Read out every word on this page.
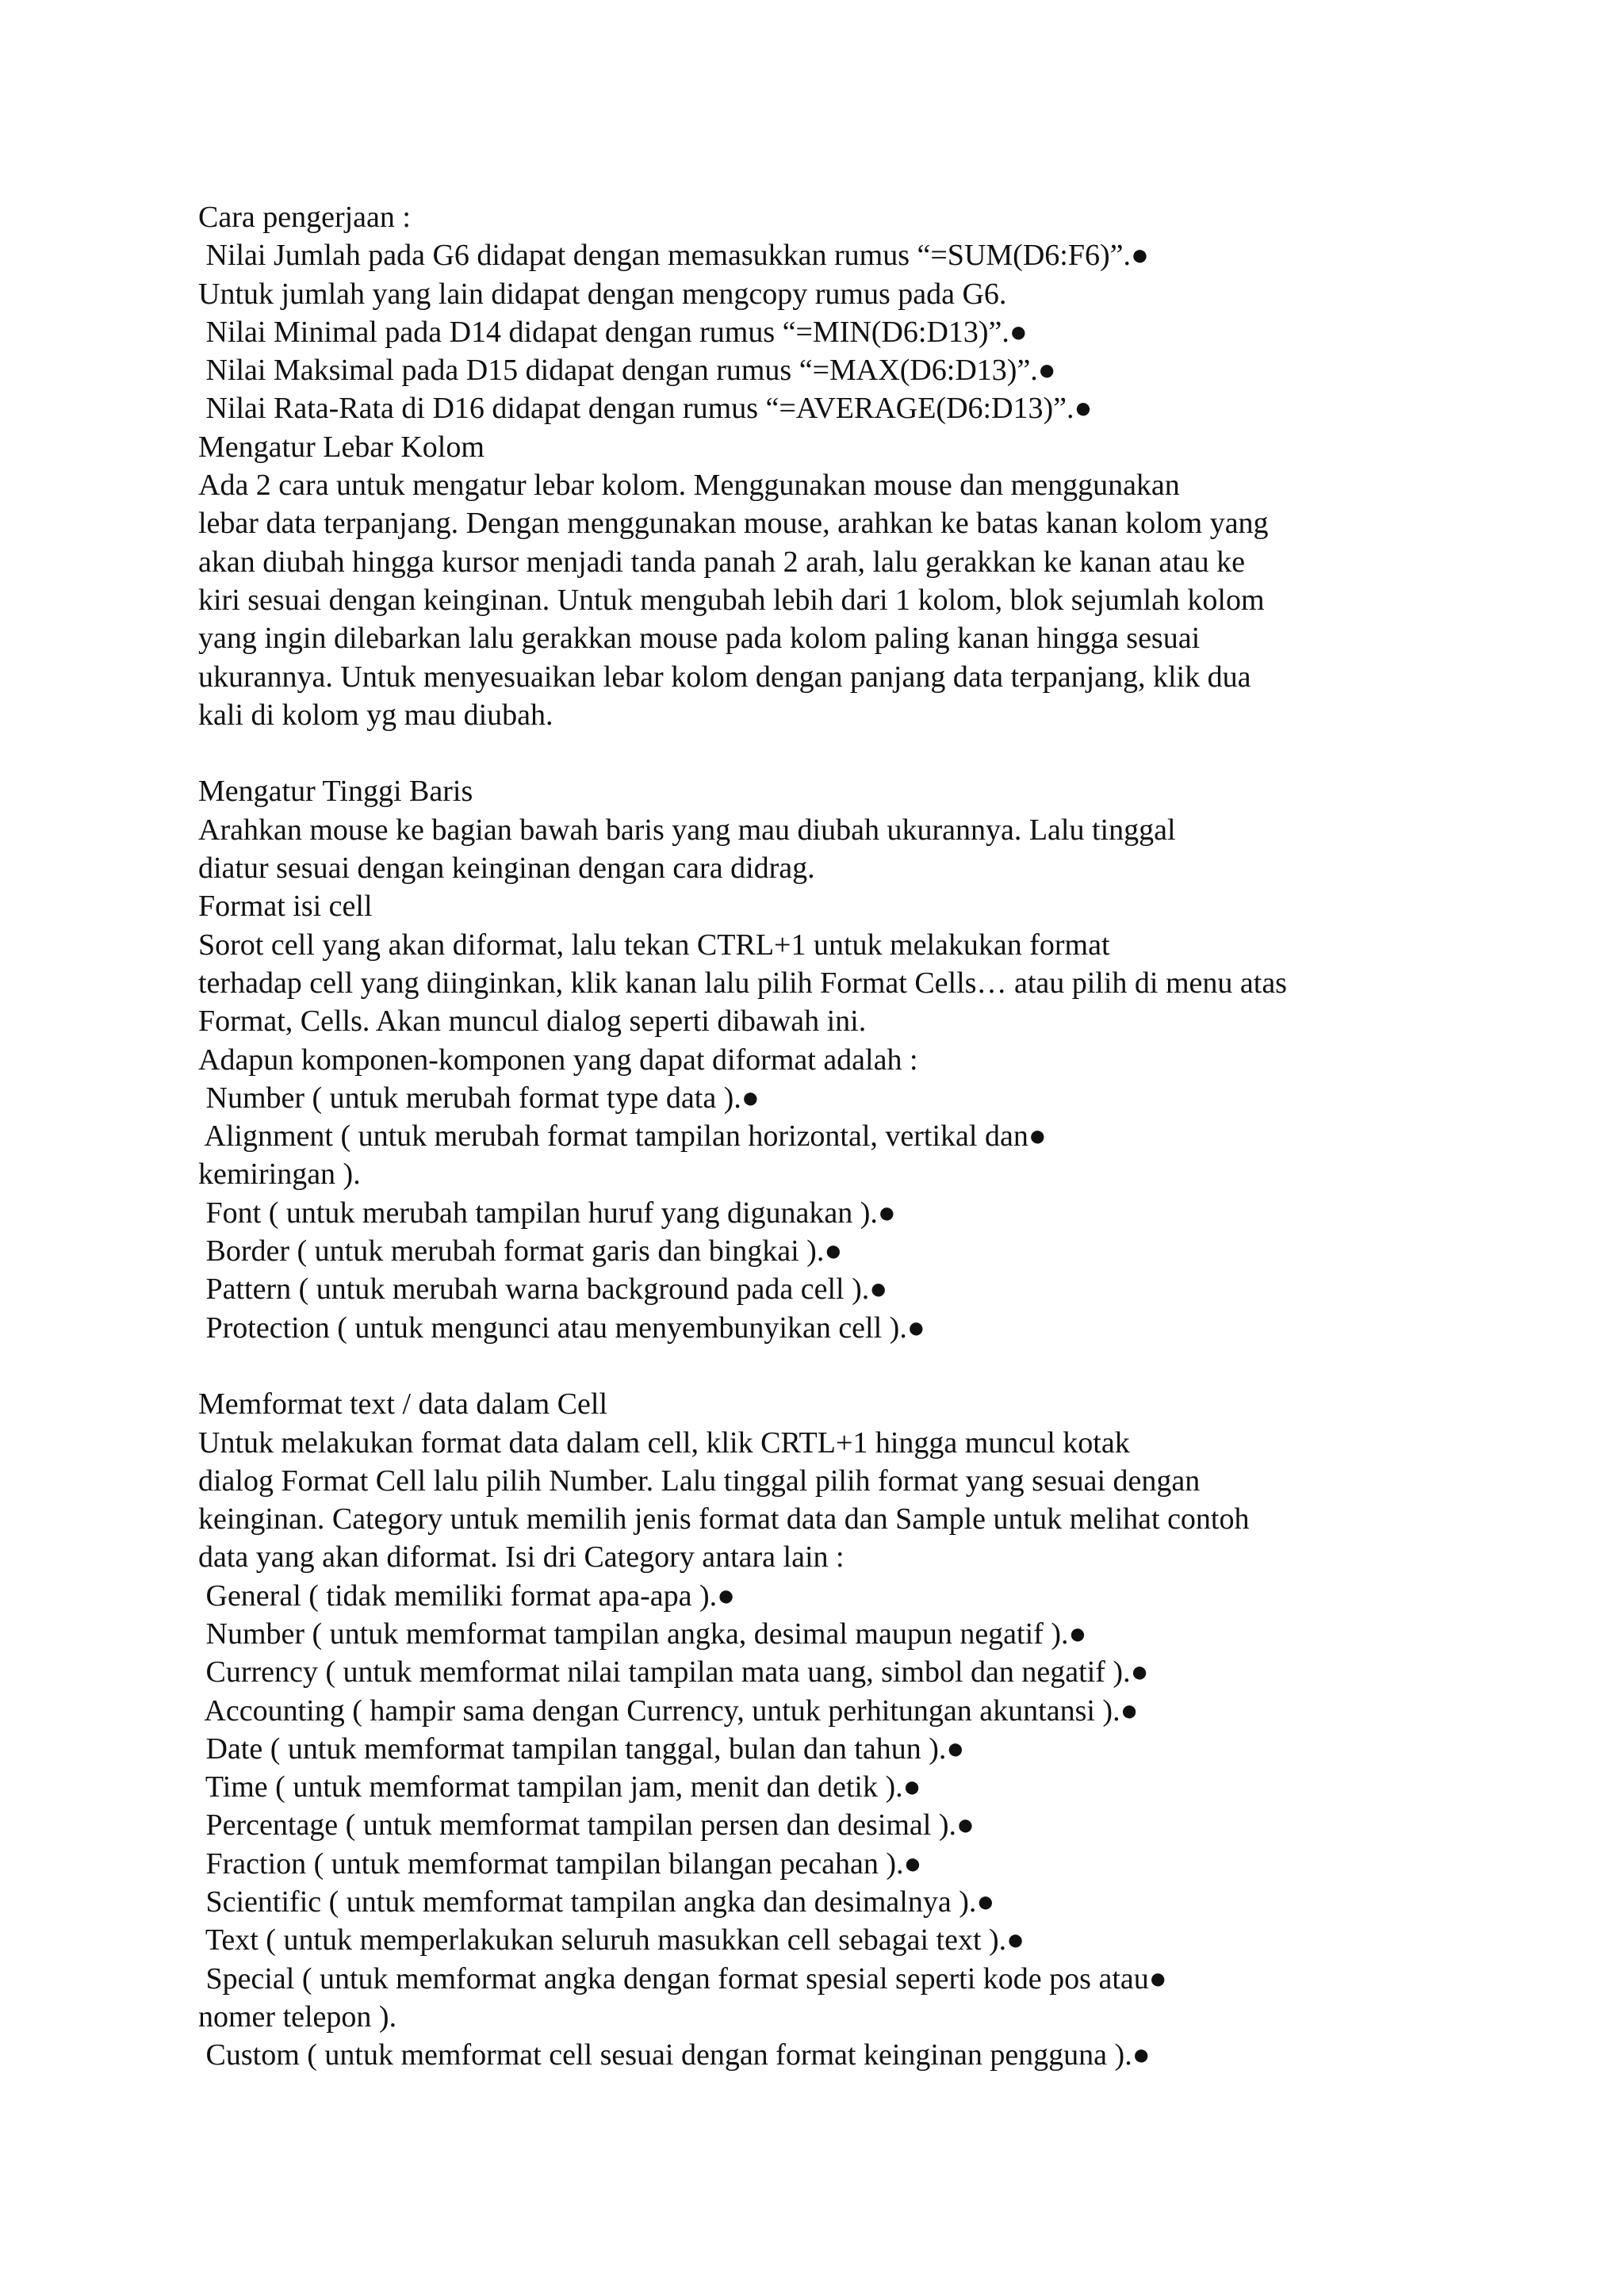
Cara pengerjaan :
Nilai Jumlah pada G6 didapat dengan memasukkan rumus “=SUM(D6:F6)”.●
Untuk jumlah yang lain didapat dengan mengcopy rumus pada G6.
Nilai Minimal pada D14 didapat dengan rumus “=MIN(D6:D13)”.●
Nilai Maksimal pada D15 didapat dengan rumus “=MAX(D6:D13)”.●
Nilai Rata-Rata di D16 didapat dengan rumus “=AVERAGE(D6:D13)”.●
Mengatur Lebar Kolom
Ada 2 cara untuk mengatur lebar kolom. Menggunakan mouse dan menggunakan
lebar data terpanjang. Dengan menggunakan mouse, arahkan ke batas kanan kolom yang
akan diubah hingga kursor menjadi tanda panah 2 arah, lalu gerakkan ke kanan atau ke
kiri sesuai dengan keinginan. Untuk mengubah lebih dari 1 kolom, blok sejumlah kolom
yang ingin dilebarkan lalu gerakkan mouse pada kolom paling kanan hingga sesuai
ukurannya. Untuk menyesuaikan lebar kolom dengan panjang data terpanjang, klik dua
kali di kolom yg mau diubah.
Mengatur Tinggi Baris
Arahkan mouse ke bagian bawah baris yang mau diubah ukurannya. Lalu tinggal
diatur sesuai dengan keinginan dengan cara didrag.
Format isi cell
Sorot cell yang akan diformat, lalu tekan CTRL+1 untuk melakukan format
terhadap cell yang diinginkan, klik kanan lalu pilih Format Cells… atau pilih di menu atas
Format, Cells. Akan muncul dialog seperti dibawah ini.
Adapun komponen-komponen yang dapat diformat adalah :
Number ( untuk merubah format type data ).●
Alignment ( untuk merubah format tampilan horizontal, vertikal dan●
kemiringan ).
Font ( untuk merubah tampilan huruf yang digunakan ).●
Border ( untuk merubah format garis dan bingkai ).●
Pattern ( untuk merubah warna background pada cell ).●
Protection ( untuk mengunci atau menyembunyikan cell ).●
Memformat text / data dalam Cell
Untuk melakukan format data dalam cell, klik CRTL+1 hingga muncul kotak
dialog Format Cell lalu pilih Number. Lalu tinggal pilih format yang sesuai dengan
keinginan. Category untuk memilih jenis format data dan Sample untuk melihat contoh
data yang akan diformat. Isi dri Category antara lain :
General ( tidak memiliki format apa-apa ).●
Number ( untuk memformat tampilan angka, desimal maupun negatif ).●
Currency ( untuk memformat nilai tampilan mata uang, simbol dan negatif ).●
Accounting ( hampir sama dengan Currency, untuk perhitungan akuntansi ).●
Date ( untuk memformat tampilan tanggal, bulan dan tahun ).●
Time ( untuk memformat tampilan jam, menit dan detik ).●
Percentage ( untuk memformat tampilan persen dan desimal ).●
Fraction ( untuk memformat tampilan bilangan pecahan ).●
Scientific ( untuk memformat tampilan angka dan desimalnya ).●
Text ( untuk memperlakukan seluruh masukkan cell sebagai text ).●
Special ( untuk memformat angka dengan format spesial seperti kode pos atau●
nomer telepon ).
Custom ( untuk memformat cell sesuai dengan format keinginan pengguna ).●
